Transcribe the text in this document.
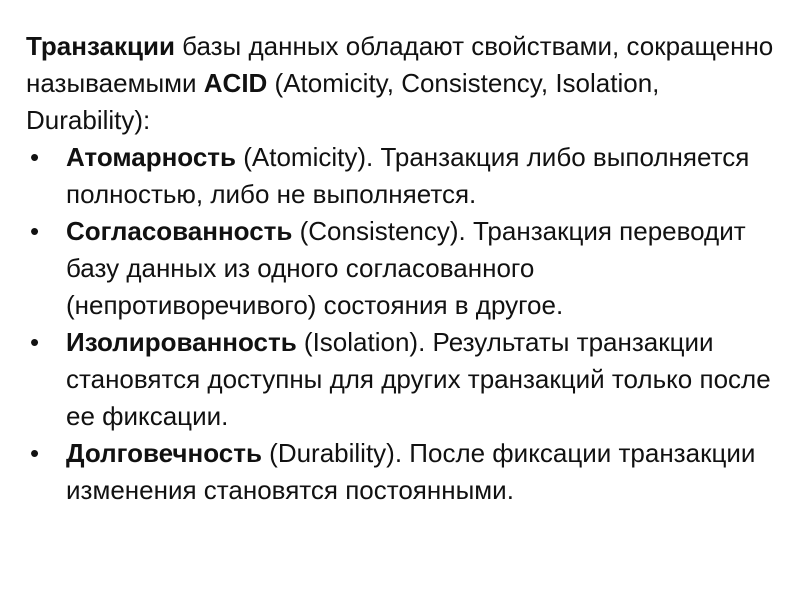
Транзакции базы данных обладают свойствами, сокращенно называемыми ACID (Atomicity, Consistency, Isolation, Durability):

• Атомарность (Atomicity). Транзакция либо выполняется полностью, либо не выполняется.
• Согласованность (Consistency). Транзакция переводит базу данных из одного согласованного (непротиворечивого) состояния в другое.
• Изолированность (Isolation). Результаты транзакции становятся доступны для других транзакций только после ее фиксации.
• Долговечность (Durability). После фиксации транзакции изменения становятся постоянными.
